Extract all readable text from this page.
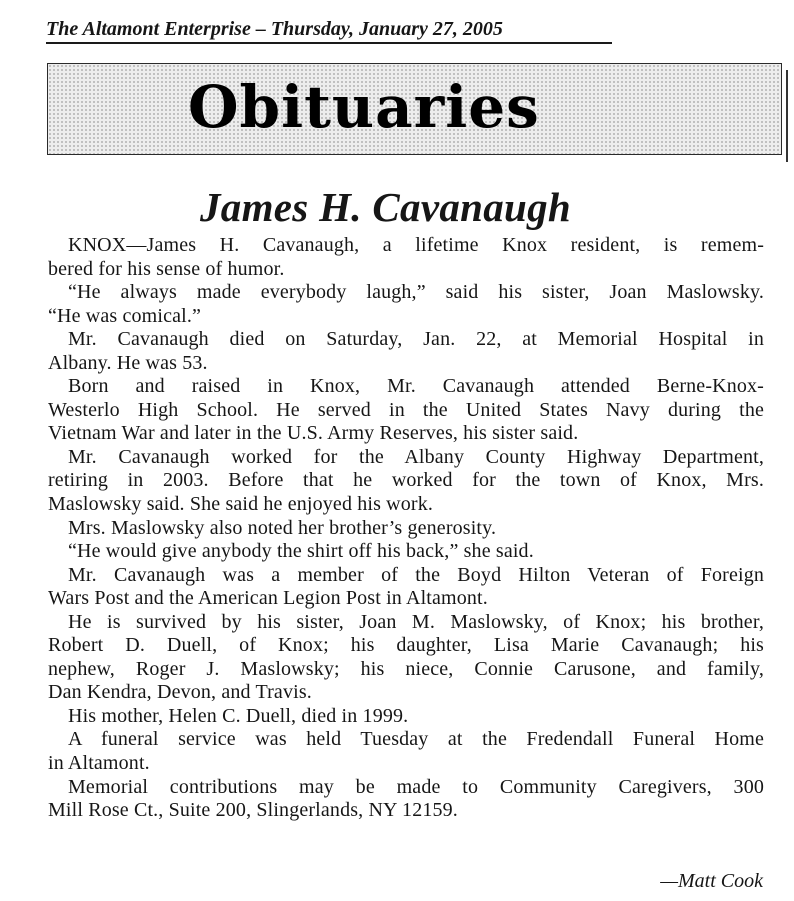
The Altamont Enterprise – Thursday, January 27, 2005
Obituaries
James H. Cavanaugh
KNOX—James H. Cavanaugh, a lifetime Knox resident, is remem-
bered for his sense of humor.
“He always made everybody laugh,” said his sister, Joan Maslowsky.
“He was comical.”
Mr. Cavanaugh died on Saturday, Jan. 22, at Memorial Hospital in
Albany. He was 53.
Born and raised in Knox, Mr. Cavanaugh attended Berne-Knox-
Westerlo High School. He served in the United States Navy during the
Vietnam War and later in the U.S. Army Reserves, his sister said.
Mr. Cavanaugh worked for the Albany County Highway Department,
retiring in 2003. Before that he worked for the town of Knox, Mrs.
Maslowsky said. She said he enjoyed his work.
Mrs. Maslowsky also noted her brother’s generosity.
“He would give anybody the shirt off his back,” she said.
Mr. Cavanaugh was a member of the Boyd Hilton Veteran of Foreign
Wars Post and the American Legion Post in Altamont.
He is survived by his sister, Joan M. Maslowsky, of Knox; his brother,
Robert D. Duell, of Knox; his daughter, Lisa Marie Cavanaugh; his
nephew, Roger J. Maslowsky; his niece, Connie Carusone, and family,
Dan Kendra, Devon, and Travis.
His mother, Helen C. Duell, died in 1999.
A funeral service was held Tuesday at the Fredendall Funeral Home
in Altamont.
Memorial contributions may be made to Community Caregivers, 300
Mill Rose Ct., Suite 200, Slingerlands, NY 12159.
—Matt Cook
